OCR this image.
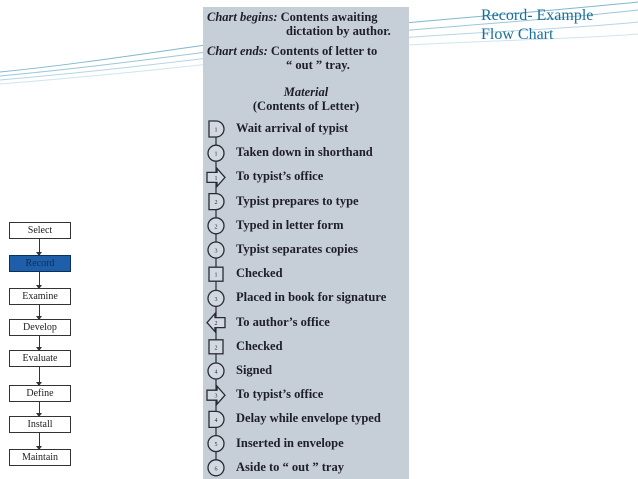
Record- Example
Flow Chart
Select
Record
Examine
Develop
Evaluate
Define
Install
Maintain
Chart begins: Contents awaiting
dictation by author.
Chart ends: Contents of letter to
“ out ” tray.
Material
(Contents of Letter)
1
1
1
2
2
3
1
3
2
2
4
3
4
5
6
Wait arrival of typist
Taken down in shorthand
To typist’s office
Typist prepares to type
Typed in letter form
Typist separates copies
Checked
Placed in book for signature
To author’s office
Checked
Signed
To typist’s office
Delay while envelope typed
Inserted in envelope
Aside to “ out ” tray
